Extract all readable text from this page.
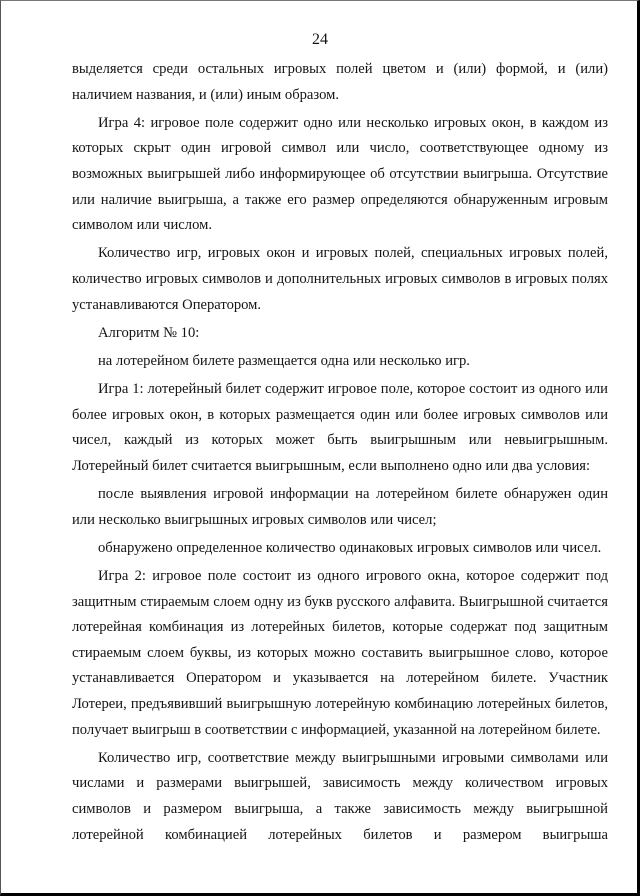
24

выделяется среди остальных игровых полей цветом и (или) формой, и (или) наличием названия, и (или) иным образом.

Игра 4: игровое поле содержит одно или несколько игровых окон, в каждом из которых скрыт один игровой символ или число, соответствующее одному из возможных выигрышей либо информирующее об отсутствии выигрыша. Отсутствие или наличие выигрыша, а также его размер определяются обнаруженным игровым символом или числом.

Количество игр, игровых окон и игровых полей, специальных игровых полей, количество игровых символов и дополнительных игровых символов в игровых полях устанавливаются Оператором.

Алгоритм № 10:

на лотерейном билете размещается одна или несколько игр.

Игра 1: лотерейный билет содержит игровое поле, которое состоит из одного или более игровых окон, в которых размещается один или более игровых символов или чисел, каждый из которых может быть выигрышным или невыигрышным. Лотерейный билет считается выигрышным, если выполнено одно или два условия:

после выявления игровой информации на лотерейном билете обнаружен один или несколько выигрышных игровых символов или чисел;

обнаружено определенное количество одинаковых игровых символов или чисел.

Игра 2: игровое поле состоит из одного игрового окна, которое содержит под защитным стираемым слоем одну из букв русского алфавита. Выигрышной считается лотерейная комбинация из лотерейных билетов, которые содержат под защитным стираемым слоем буквы, из которых можно составить выигрышное слово, которое устанавливается Оператором и указывается на лотерейном билете. Участник Лотереи, предъявивший выигрышную лотерейную комбинацию лотерейных билетов, получает выигрыш в соответствии с информацией, указанной на лотерейном билете.

Количество игр, соответствие между выигрышными игровыми символами или числами и размерами выигрышей, зависимость между количеством игровых символов и размером выигрыша, а также зависимость между выигрышной лотерейной комбинацией лотерейных билетов и размером выигрыша
